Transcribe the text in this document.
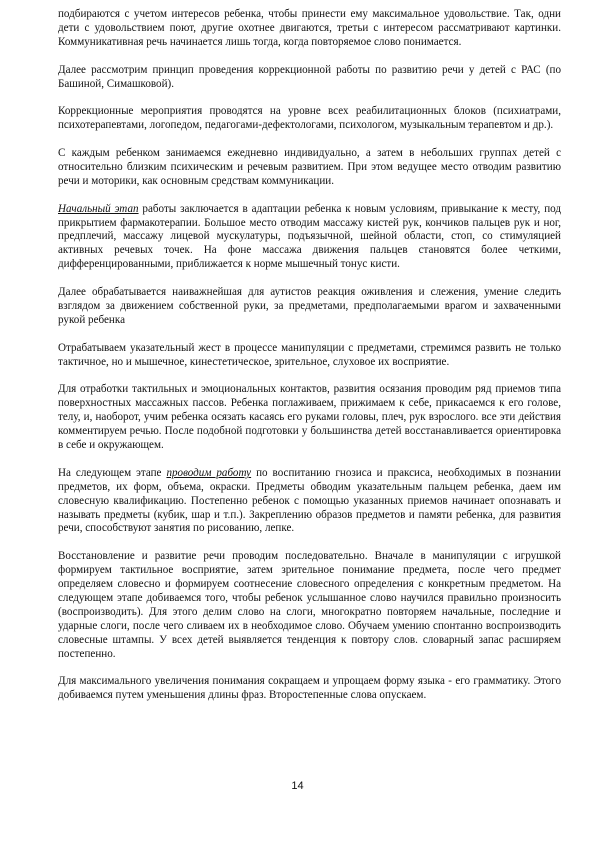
подбираются с учетом интересов ребенка, чтобы принести ему максимальное удовольствие. Так, одни дети с удовольствием поют, другие охотнее двигаются, третьи с интересом рассматривают картинки. Коммуникативная речь начинается лишь тогда, когда повторяемое слово понимается.

Далее рассмотрим принцип проведения коррекционной работы по развитию речи у детей с РАС (по Башиной, Симашковой).

Коррекционные мероприятия проводятся на уровне всех реабилитационных блоков (психиатрами, психотерапевтами, логопедом, педагогами-дефектологами, психологом, музыкальным терапевтом и др.).

С каждым ребенком занимаемся ежедневно индивидуально, а затем в небольших группах детей с относительно близким психическим и речевым развитием. При этом ведущее место отводим развитию речи и моторики, как основным средствам коммуникации.

Начальный этап работы заключается в адаптации ребенка к новым условиям, привыкание к месту, под прикрытием фармакотерапии. Большое место отводим массажу кистей рук, кончиков пальцев рук и ног, предплечий, массажу лицевой мускулатуры, подъязычной, шейной области, стоп, со стимуляцией активных речевых точек. На фоне массажа движения пальцев становятся более четкими, дифференцированными, приближается к норме мышечный тонус кисти.

Далее обрабатывается наиважнейшая для аутистов реакция оживления и слежения, умение следить взглядом за движением собственной руки, за предметами, предполагаемыми врагом и захваченными рукой ребенка

Отрабатываем указательный жест в процессе манипуляции с предметами, стремимся развить не только тактичное, но и мышечное, кинестетическое, зрительное, слуховое их восприятие.

Для отработки тактильных и эмоциональных контактов, развития осязания проводим ряд приемов типа поверхностных массажных пассов. Ребенка поглаживаем, прижимаем к себе, прикасаемся к его голове, телу, и, наоборот, учим ребенка осязать касаясь его руками головы, плеч, рук взрослого. все эти действия комментируем речью. После подобной подготовки у большинства детей восстанавливается ориентировка в себе и окружающем.

На следующем этапе проводим работу по воспитанию гнозиса и праксиса, необходимых в познании предметов, их форм, объема, окраски. Предметы обводим указательным пальцем ребенка, даем им словесную квалификацию. Постепенно ребенок с помощью указанных приемов начинает опознавать и называть предметы (кубик, шар и т.п.). Закреплению образов предметов и памяти ребенка, для развития речи, способствуют занятия по рисованию, лепке.

Восстановление и развитие речи проводим последовательно. Вначале в манипуляции с игрушкой формируем тактильное восприятие, затем зрительное понимание предмета, после чего предмет определяем словесно и формируем соотнесение словесного определения с конкретным предметом. На следующем этапе добиваемся того, чтобы ребенок услышанное слово научился правильно произносить (воспроизводить). Для этого делим слово на слоги, многократно повторяем начальные, последние и ударные слоги, после чего сливаем их в необходимое слово. Обучаем умению спонтанно воспроизводить словесные штампы. У всех детей выявляется тенденция к повтору слов. словарный запас расширяем постепенно.

Для максимального увеличения понимания сокращаем и упрощаем форму языка - его грамматику. Этого добиваемся путем уменьшения длины фраз. Второстепенные слова опускаем.

14
